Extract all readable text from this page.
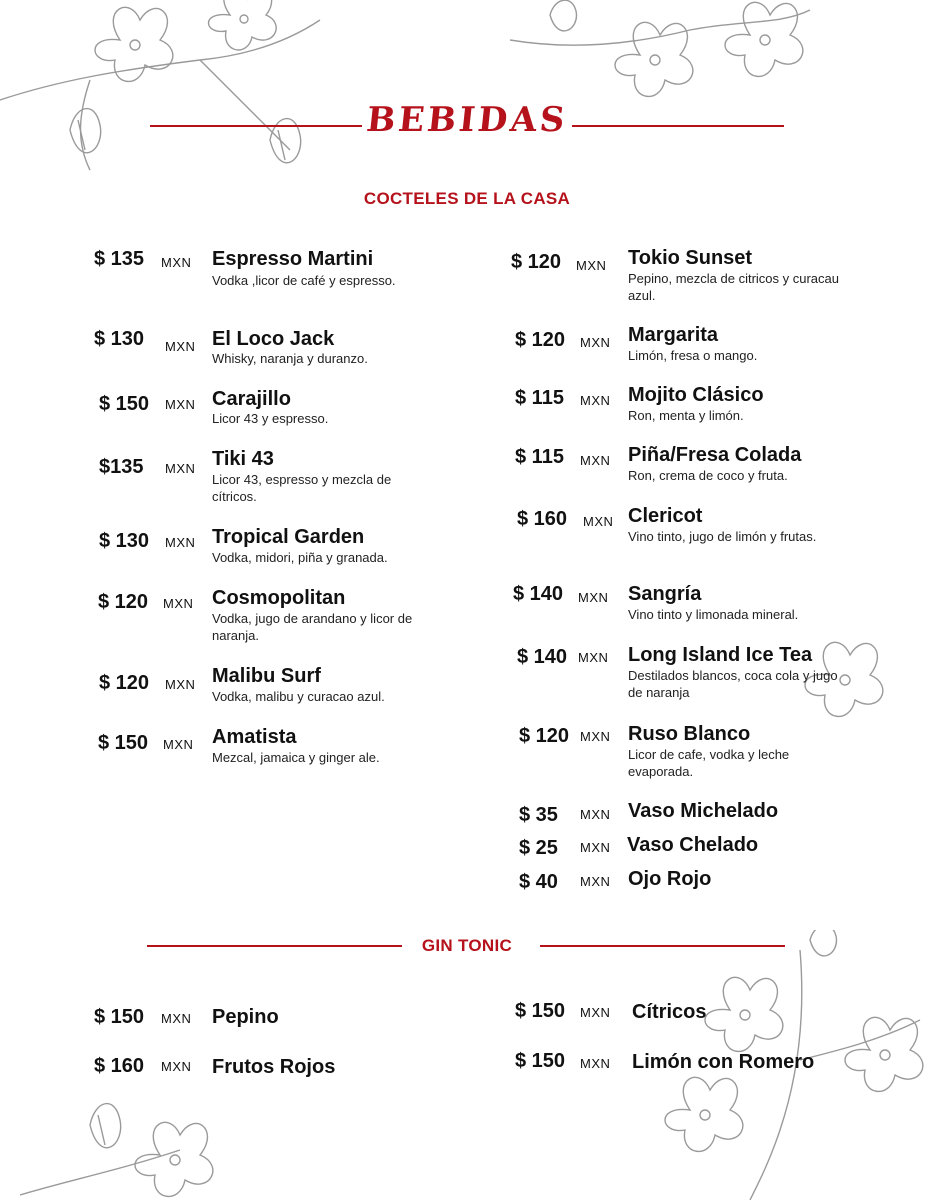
BEBIDAS
COCTELES DE LA CASA
$ 135 MXN Espresso Martini
Vodka ,licor de café y espresso.
$ 130 MXN El Loco Jack
Whisky, naranja y duranzo.
$ 150 MXN Carajillo
Licor 43 y espresso.
$135 MXN Tiki 43
Licor 43, espresso y mezcla de cítricos.
$ 130 MXN Tropical Garden
Vodka, midori, piña y granada.
$ 120 MXN Cosmopolitan
Vodka, jugo de arandano y licor de naranja.
$ 120 MXN Malibu Surf
Vodka, malibu y curacao azul.
$ 150 MXN Amatista
Mezcal, jamaica y ginger ale.
$ 120 MXN Tokio Sunset
Pepino, mezcla de citricos y curacau azul.
$ 120 MXN Margarita
Limón, fresa o mango.
$ 115 MXN Mojito Clásico
Ron, menta y limón.
$ 115 MXN Piña/Fresa Colada
Ron, crema de coco y fruta.
$ 160 MXN Clericot
Vino tinto, jugo de limón y frutas.
$ 140 MXN Sangría
Vino tinto y limonada mineral.
$ 140 MXN Long Island Ice Tea
Destilados blancos, coca cola y jugo de naranja
$ 120 MXN Ruso Blanco
Licor de cafe, vodka y leche evaporada.
$ 35 MXN Vaso Michelado
$ 25 MXN Vaso Chelado
$ 40 MXN Ojo Rojo
GIN TONIC
$ 150 MXN Pepino
$ 160 MXN Frutos Rojos
$ 150 MXN Cítricos
$ 150 MXN Limón con Romero
